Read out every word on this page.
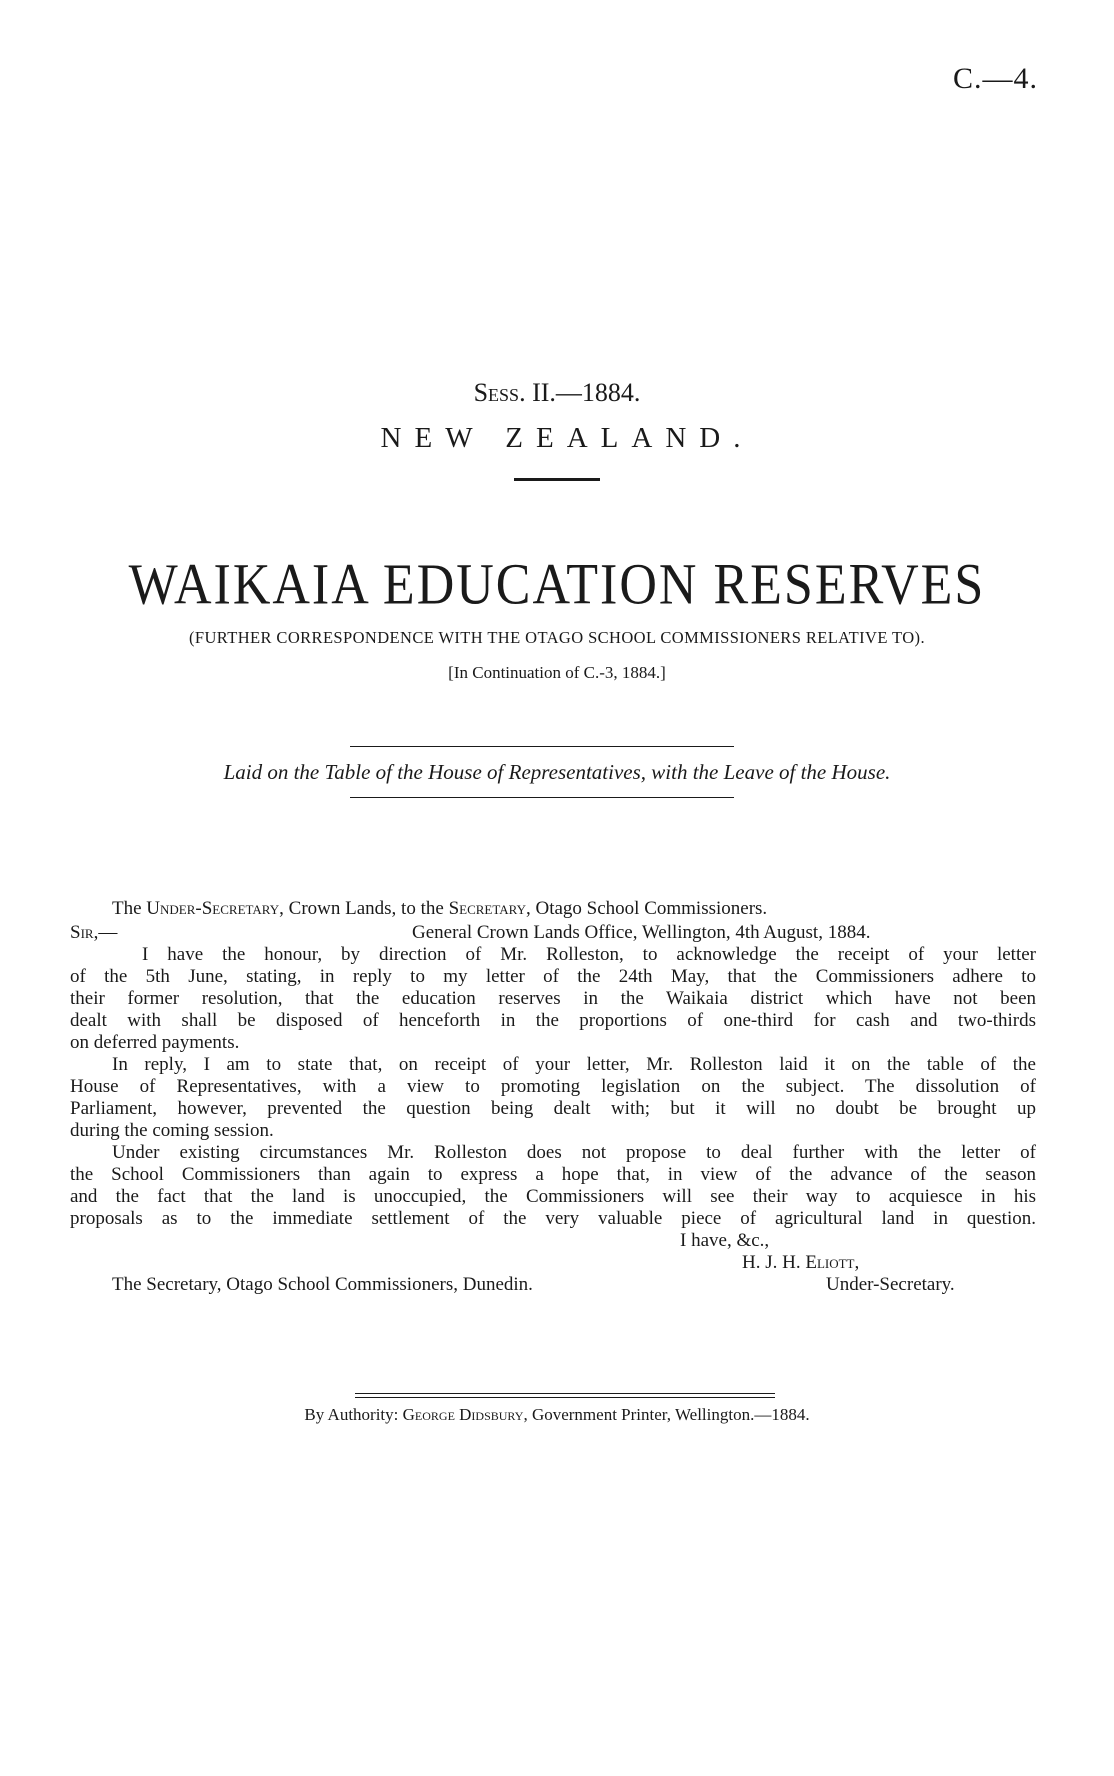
C.—4.
Sess. II.—1884.
NEW ZEALAND.
WAIKAIA EDUCATION RESERVES
(FURTHER CORRESPONDENCE WITH THE OTAGO SCHOOL COMMISSIONERS RELATIVE TO).
[In Continuation of C.-3, 1884.]
Laid on the Table of the House of Representatives, with the Leave of the House.
The Under-Secretary, Crown Lands, to the Secretary, Otago School Commissioners.
Sir,—	General Crown Lands Office, Wellington, 4th August, 1884.
I have the honour, by direction of Mr. Rolleston, to acknowledge the receipt of your letter
of the 5th June, stating, in reply to my letter of the 24th May, that the Commissioners adhere to
their former resolution, that the education reserves in the Waikaia district which have not been
dealt with shall be disposed of henceforth in the proportions of one-third for cash and two-thirds
on deferred payments.
In reply, I am to state that, on receipt of your letter, Mr. Rolleston laid it on the table of the
House of Representatives, with a view to promoting legislation on the subject. The dissolution of
Parliament, however, prevented the question being dealt with; but it will no doubt be brought up
during the coming session.
Under existing circumstances Mr. Rolleston does not propose to deal further with the letter of
the School Commissioners than again to express a hope that, in view of the advance of the season
and the fact that the land is unoccupied, the Commissioners will see their way to acquiesce in his
proposals as to the immediate settlement of the very valuable piece of agricultural land in question.
I have, &c.,
H. J. H. Eliott,
The Secretary, Otago School Commissioners, Dunedin.	Under-Secretary.
By Authority: George Didsbury, Government Printer, Wellington.—1884.
